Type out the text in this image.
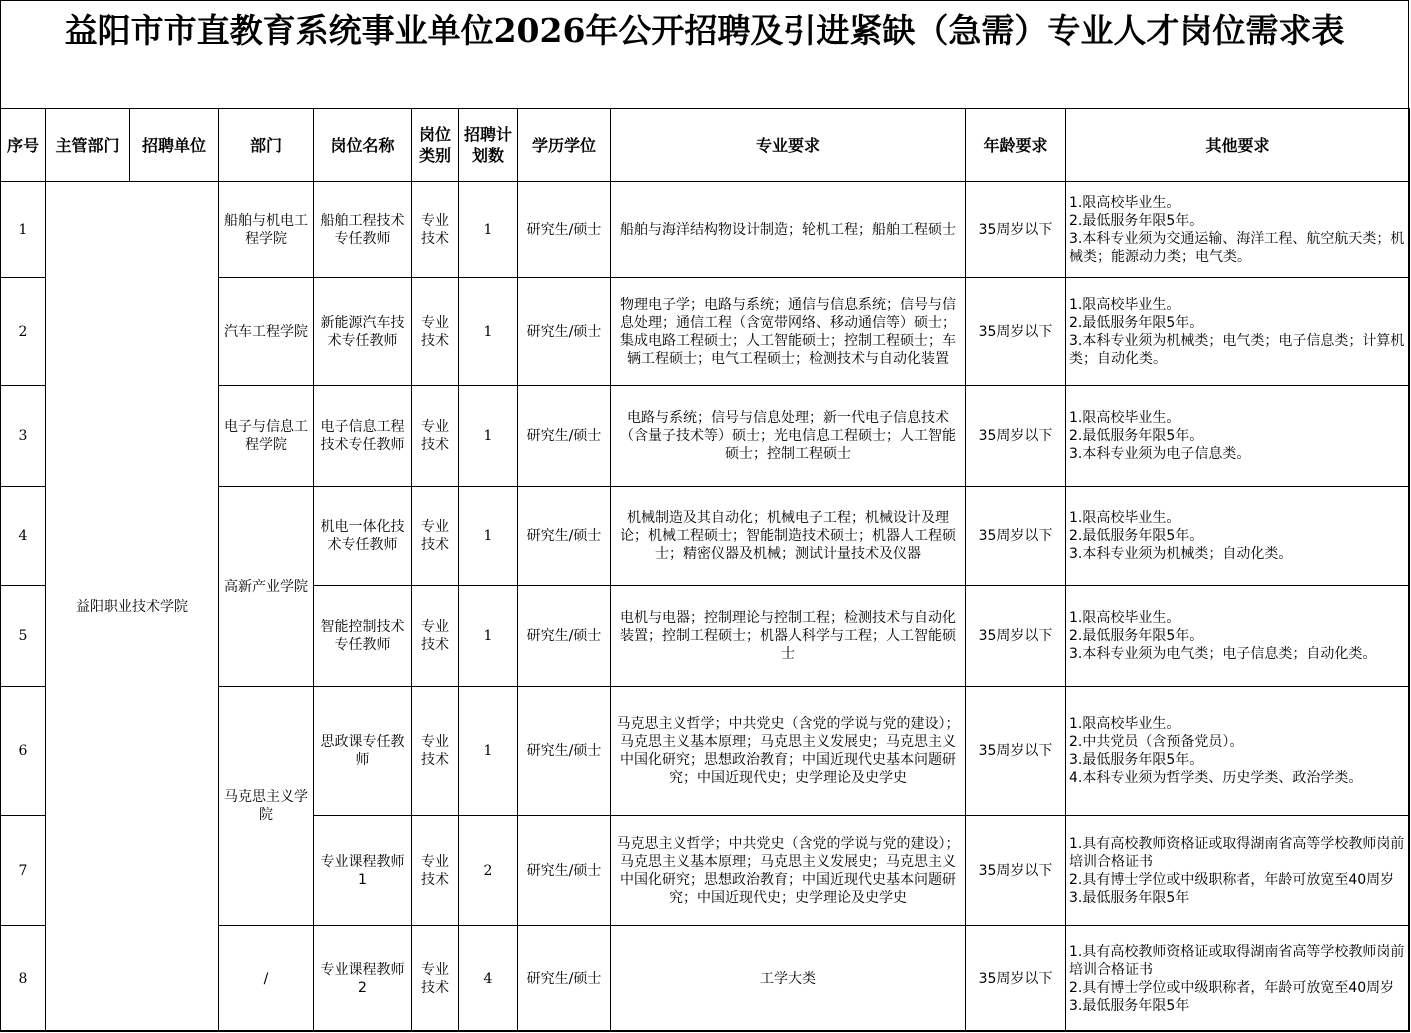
益阳市市直教育系统事业单位2026年公开招聘及引进紧缺（急需）专业人才岗位需求表
序号	主管部门	招聘单位	部门	岗位名称	岗位类别	招聘计划数	学历学位	专业要求	年龄要求	其他要求
1	益阳职业技术学院		船舶与机电工程学院	船舶工程技术专任教师	专业技术	1	研究生/硕士	船舶与海洋结构物设计制造；轮机工程；船舶工程硕士	35周岁以下	1.限高校毕业生。
2.最低服务年限5年。
3.本科专业须为交通运输、海洋工程、航空航天类；机械类；能源动力类；电气类。

2			汽车工程学院	新能源汽车技术专任教师	专业技术	1	研究生/硕士	物理电子学；电路与系统；通信与信息系统；信号与信息处理；通信工程（含宽带网络、移动通信等）硕士；集成电路工程硕士；人工智能硕士；控制工程硕士；车辆工程硕士；电气工程硕士；检测技术与自动化装置	35周岁以下	1.限高校毕业生。
2.最低服务年限5年。
3.本科专业须为机械类；电气类；电子信息类；计算机类；自动化类。

3			电子与信息工程学院	电子信息工程技术专任教师	专业技术	1	研究生/硕士	电路与系统；信号与信息处理；新一代电子信息技术（含量子技术等）硕士；光电信息工程硕士；人工智能硕士；控制工程硕士	35周岁以下	1.限高校毕业生。
2.最低服务年限5年。
3.本科专业须为电子信息类。

4			高新产业学院	机电一体化技术专任教师	专业技术	1	研究生/硕士	机械制造及其自动化；机械电子工程；机械设计及理论；机械工程硕士；智能制造技术硕士；机器人工程硕士；精密仪器及机械；测试计量技术及仪器	35周岁以下	1.限高校毕业生。
2.最低服务年限5年。
3.本科专业须为机械类；自动化类。

5				智能控制技术专任教师	专业技术	1	研究生/硕士	电机与电器；控制理论与控制工程；检测技术与自动化装置；控制工程硕士；机器人科学与工程；人工智能硕士	35周岁以下	1.限高校毕业生。
2.最低服务年限5年。
3.本科专业须为电气类；电子信息类；自动化类。

6			马克思主义学院	思政课专任教师	专业技术	1	研究生/硕士	马克思主义哲学；中共党史（含党的学说与党的建设）；马克思主义基本原理；马克思主义发展史；马克思主义中国化研究；思想政治教育；中国近现代史基本问题研究；中国近现代史；史学理论及史学史	35周岁以下	1.限高校毕业生。
2.中共党员（含预备党员）。
3.最低服务年限5年。
4.本科专业须为哲学类、历史学类、政治学类。

7				专业课程教师1	专业技术	2	研究生/硕士	马克思主义哲学；中共党史（含党的学说与党的建设）；马克思主义基本原理；马克思主义发展史；马克思主义中国化研究；思想政治教育；中国近现代史基本问题研究；中国近现代史；史学理论及史学史	35周岁以下	1.具有高校教师资格证或取得湖南省高等学校教师岗前培训合格证书
2.具有博士学位或中级职称者，年龄可放宽至40周岁
3.最低服务年限5年

8			/	专业课程教师2	专业技术	4	研究生/硕士	工学大类	35周岁以下	1.具有高校教师资格证或取得湖南省高等学校教师岗前培训合格证书
2.具有博士学位或中级职称者，年龄可放宽至40周岁
3.最低服务年限5年
